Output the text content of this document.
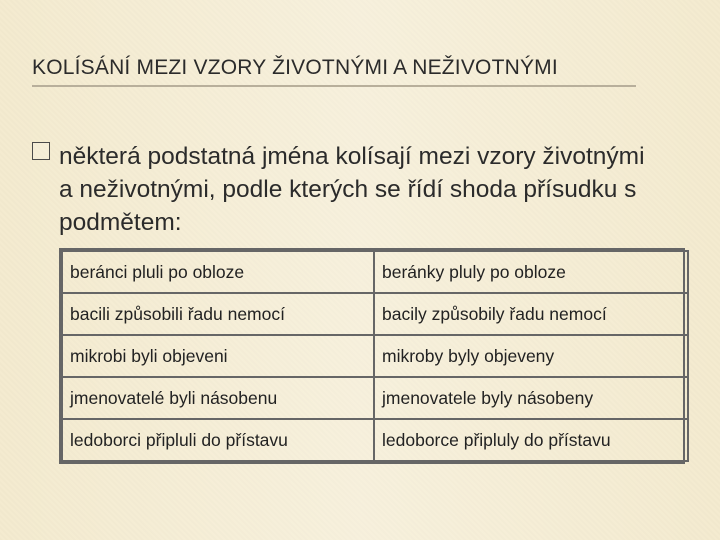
KOLÍSÁNÍ MEZI VZORY ŽIVOTNÝMI A NEŽIVOTNÝMI
některá podstatná jména kolísají mezi vzory životnými a neživotnými, podle kterých se řídí shoda přísudku s podmětem:
beránci pluli po obloze	beránky pluly po obloze
bacili způsobili řadu nemocí	bacily způsobily řadu nemocí
mikrobi byli objeveni	mikroby byly objeveny
jmenovatelé byli násobenu	jmenovatele byly násobeny
ledoborci připluli do přístavu	ledoborce připluly do přístavu
